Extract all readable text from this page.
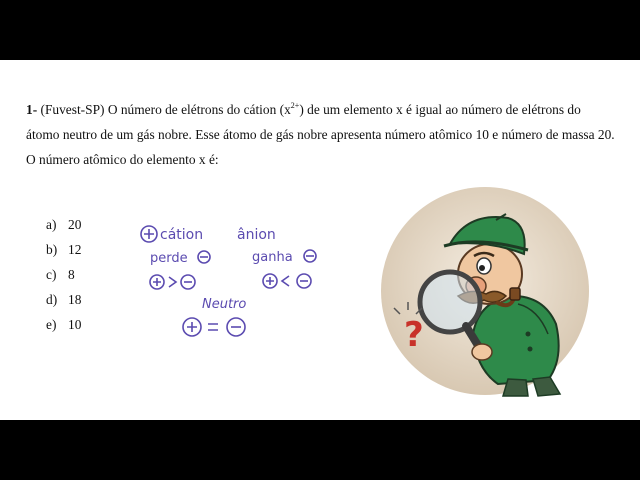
1- (Fuvest-SP) O número de elétrons do cátion $(x^{2+})$ de um elemento x é igual ao número de elétrons do átomo neutro de um gás nobre. Esse átomo de gás nobre apresenta número atômico 10 e número de massa 20. O número atômico do elemento x é:
a) 20
b) 12
c) 8
d) 18
e) 10
cátion ânion
perde	ganha
Neutro
?
